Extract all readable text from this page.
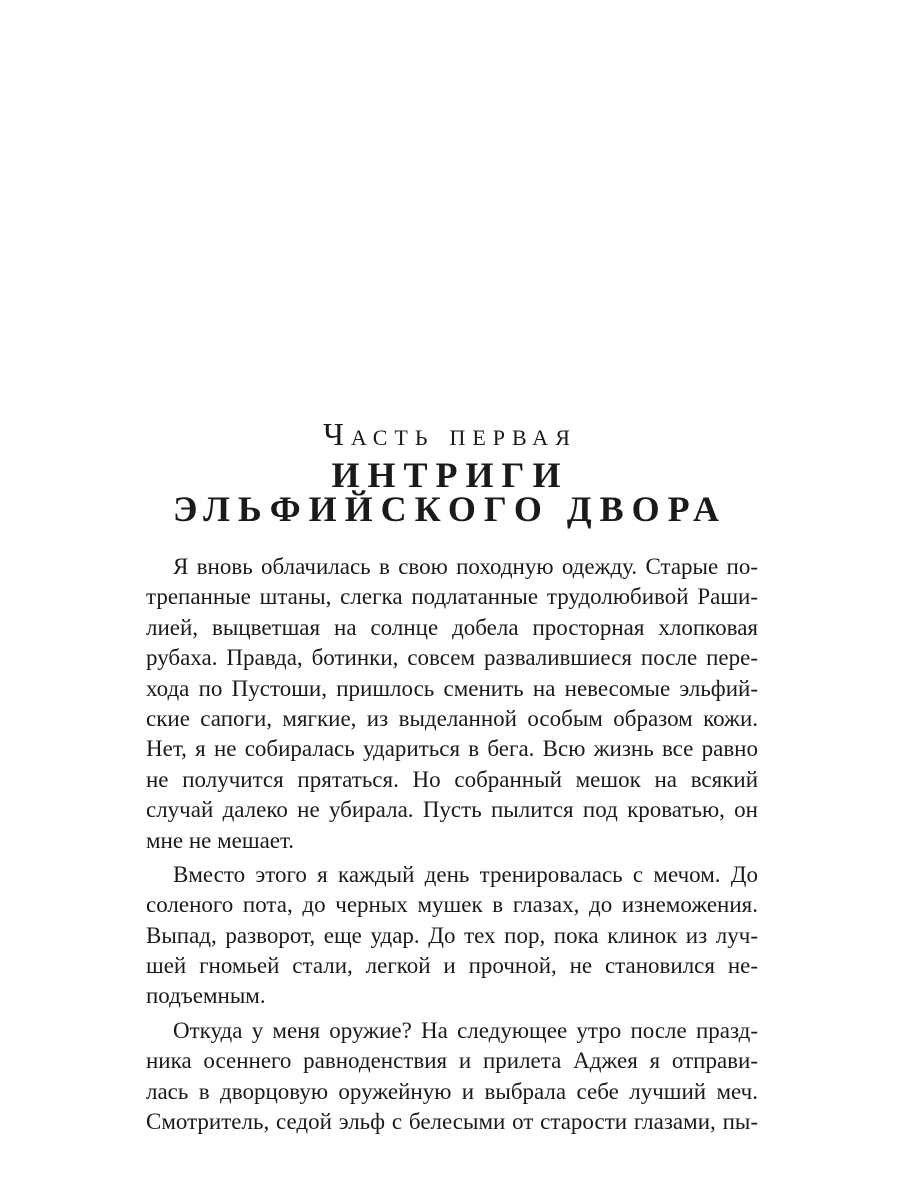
Часть первая
ИНТРИГИ
ЭЛЬФИЙСКОГО ДВОРА
Я вновь облачилась в свою походную одежду. Старые по-
трепанные штаны, слегка подлатанные трудолюбивой Раши-
лией, выцветшая на солнце добела просторная хлопковая
рубаха. Правда, ботинки, совсем развалившиеся после пере-
хода по Пустоши, пришлось сменить на невесомые эльфий-
ские сапоги, мягкие, из выделанной особым образом кожи.
Нет, я не собиралась удариться в бега. Всю жизнь все равно
не получится прятаться. Но собранный мешок на всякий
случай далеко не убирала. Пусть пылится под кроватью, он
мне не мешает.
Вместо этого я каждый день тренировалась с мечом. До
соленого пота, до черных мушек в глазах, до изнеможения.
Выпад, разворот, еще удар. До тех пор, пока клинок из луч-
шей гномьей стали, легкой и прочной, не становился не-
подъемным.
Откуда у меня оружие? На следующее утро после празд-
ника осеннего равноденствия и прилета Аджея я отправи-
лась в дворцовую оружейную и выбрала себе лучший меч.
Смотритель, седой эльф с белесыми от старости глазами, пы-
